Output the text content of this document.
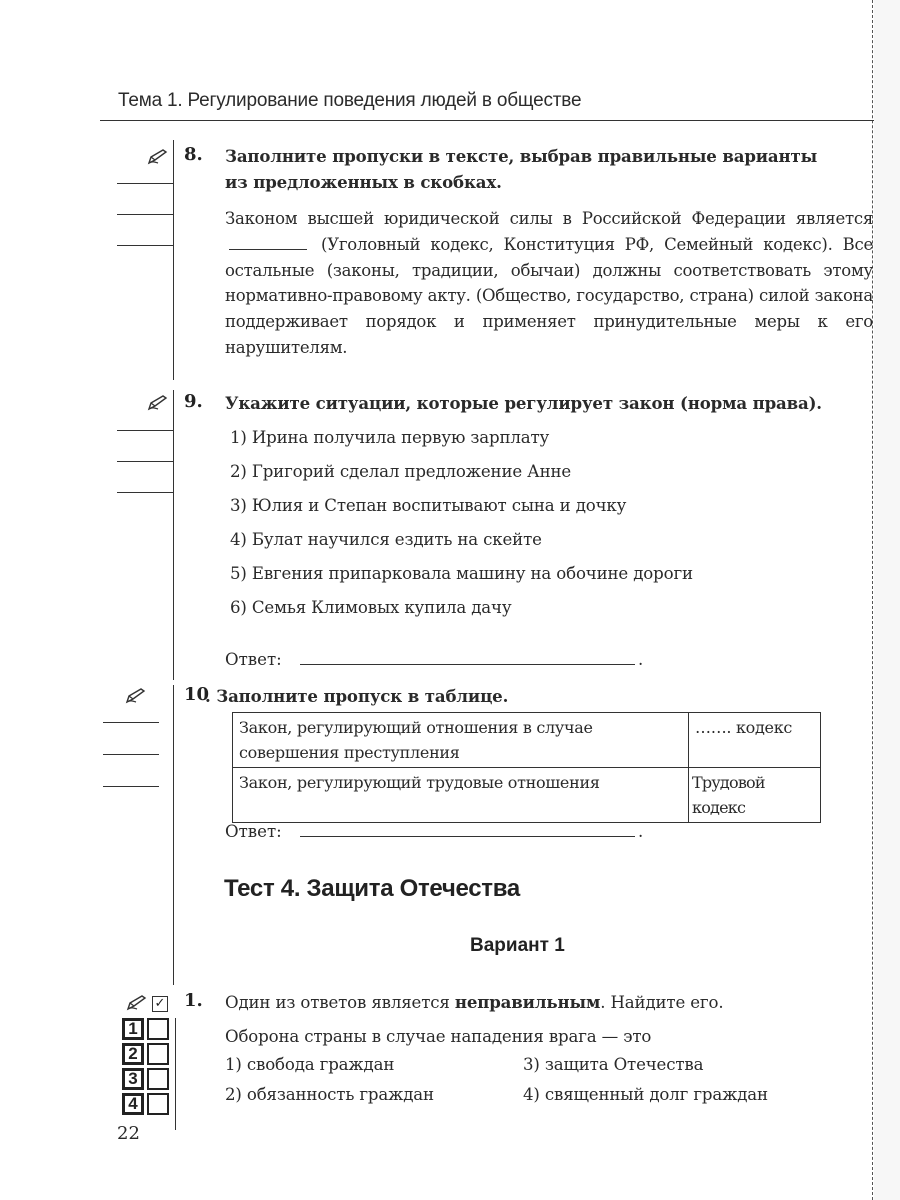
Тема 1. Регулирование поведения людей в обществе
8. Заполните пропуски в тексте, выбрав правильные варианты
из предложенных в скобках.
Законом высшей юридической силы в Российской Федерации является  (Уголовный кодекс, Конституция РФ, Семейный кодекс). Все остальные (законы, традиции, обычаи) должны соответствовать этому нормативно-правовому акту. (Общество, государство, страна) силой закона поддерживает порядок и применяет принудительные меры к его нарушителям.
9. Укажите ситуации, которые регулирует закон (норма права).
1) Ирина получила первую зарплату
2) Григорий сделал предложение Анне
3) Юлия и Степан воспитывают сына и дочку
4) Булат научился ездить на скейте
5) Евгения припарковала машину на обочине дороги
6) Семья Климовых купила дачу
Ответ:	.
10
. Заполните пропуск в таблице.
Закон, регулирующий отношения в случае совершения преступления	……. кодекс
Закон, регулирующий трудовые отношения	Трудовой кодекс
Ответ:	.
Тест 4. Защита Отечества
Вариант 1
✓ 1. Один из ответов является неправильным. Найдите его.
Оборона страны в случае нападения врага — это
1) свобода граждан
2) обязанность граждан
3) защита Отечества
4) священный долг граждан
1
2
3
4
22
